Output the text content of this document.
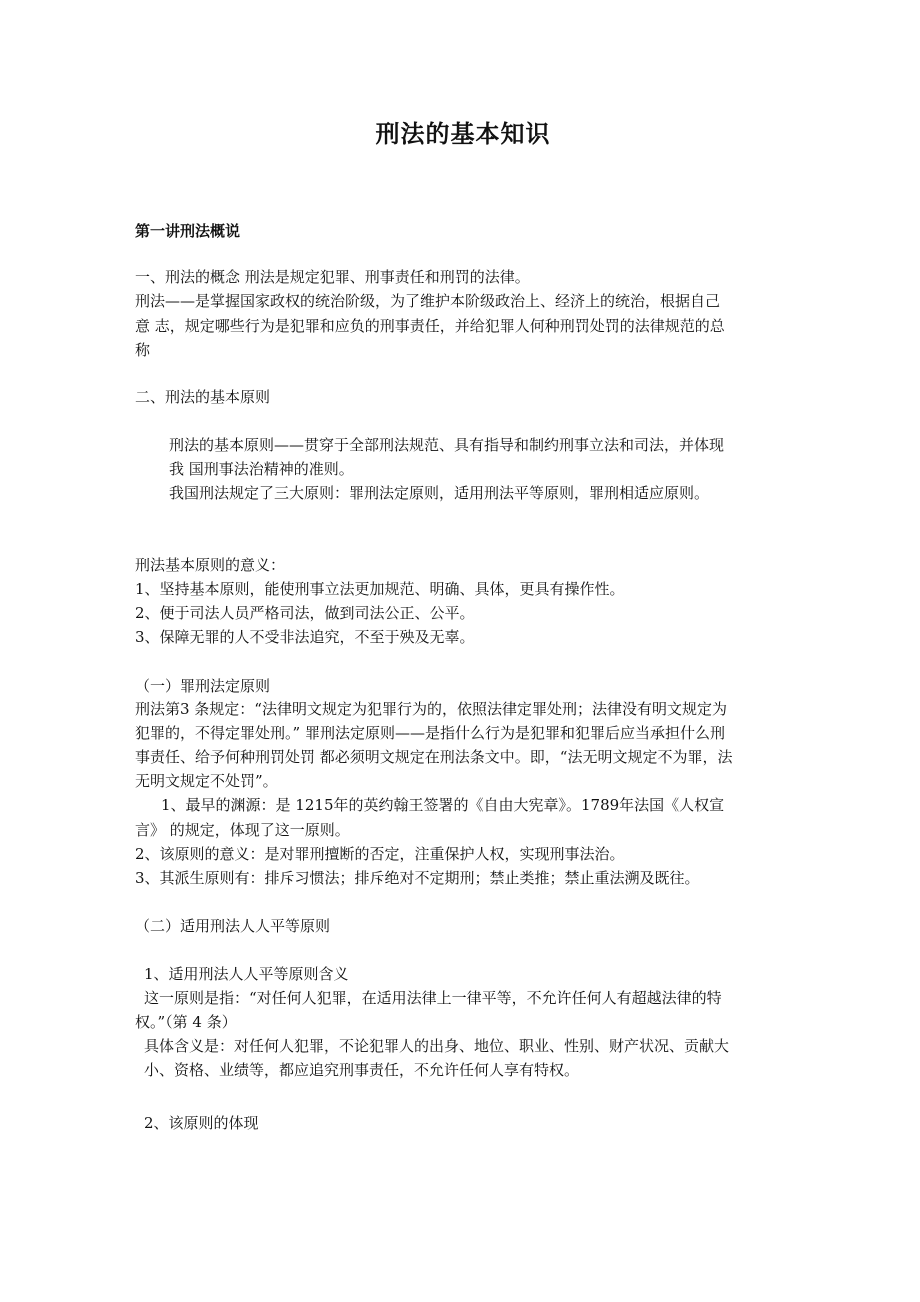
刑法的基本知识
第一讲刑法概说
一、刑法的概念 刑法是规定犯罪、刑事责任和刑罚的法律。
刑法——是掌握国家政权的统治阶级，为了维护本阶级政治上、经济上的统治，根据自己
意 志，规定哪些行为是犯罪和应负的刑事责任，并给犯罪人何种刑罚处罚的法律规范的总
称
二、刑法的基本原则
刑法的基本原则——贯穿于全部刑法规范、具有指导和制约刑事立法和司法，并体现
我 国刑事法治精神的准则。
我国刑法规定了三大原则：罪刑法定原则，适用刑法平等原则，罪刑相适应原则。
刑法基本原则的意义：
1、坚持基本原则，能使刑事立法更加规范、明确、具体，更具有操作性。
2、便于司法人员严格司法，做到司法公正、公平。
3、保障无罪的人不受非法追究，不至于殃及无辜。
（一）罪刑法定原则
刑法第3 条规定：“法律明文规定为犯罪行为的，依照法律定罪处刑；法律没有明文规定为
犯罪的，不得定罪处刑。” 罪刑法定原则——是指什么行为是犯罪和犯罪后应当承担什么刑
事责任、给予何种刑罚处罚 都必须明文规定在刑法条文中。即，“法无明文规定不为罪，法
无明文规定不处罚”。
1、最早的渊源：是 1215年的英约翰王签署的《自由大宪章》。1789年法国《人权宣
言》 的规定，体现了这一原则。
2、该原则的意义：是对罪刑擅断的否定，注重保护人权，实现刑事法治。
3、其派生原则有：排斥习惯法；排斥绝对不定期刑；禁止类推；禁止重法溯及既往。
（二）适用刑法人人平等原则
1、适用刑法人人平等原则含义
这一原则是指：“对任何人犯罪，在适用法律上一律平等，不允许任何人有超越法律的特
权。”（第 4 条）
具体含义是：对任何人犯罪，不论犯罪人的出身、地位、职业、性别、财产状况、贡献大
小、资格、业绩等，都应追究刑事责任，不允许任何人享有特权。
2、该原则的体现
